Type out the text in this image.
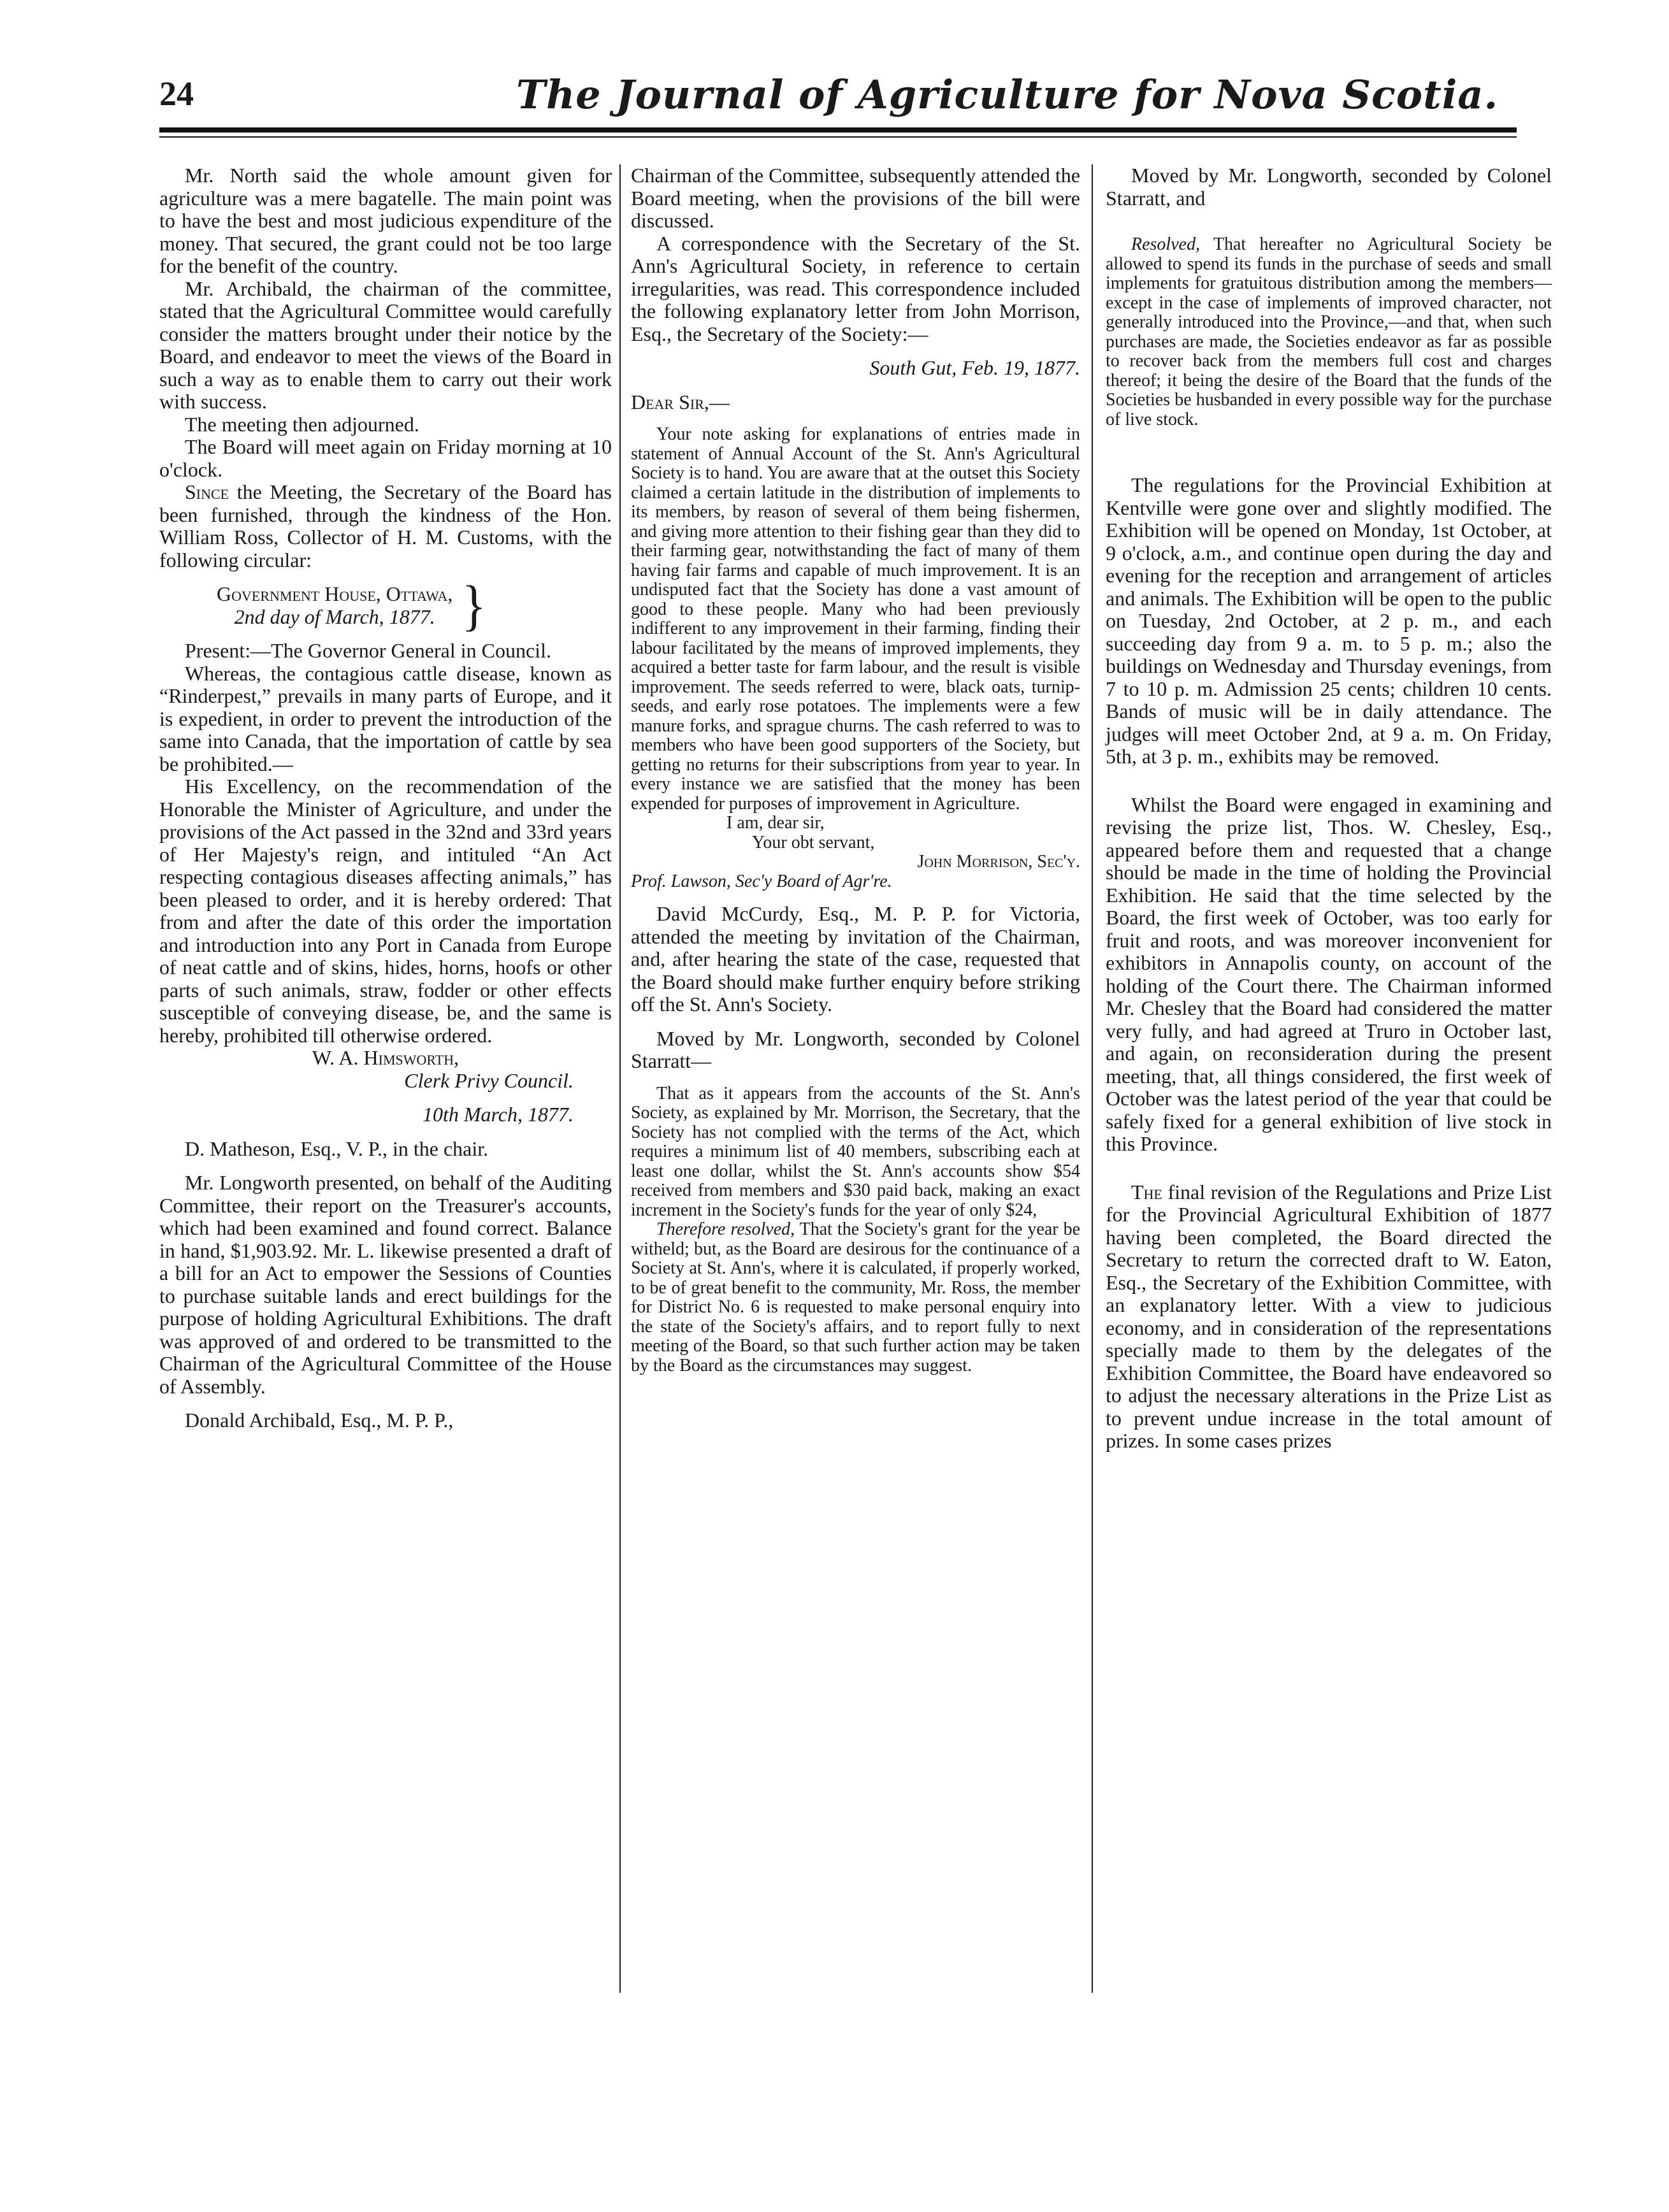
24	The Journal of Agriculture for Nova Scotia.

Mr. North said the whole amount given for agriculture was a mere bagatelle. The main point was to have the best and most judicious expenditure of the money. That secured, the grant could not be too large for the benefit of the country.

Mr. Archibald, the chairman of the committee, stated that the Agricultural Committee would carefully consider the matters brought under their notice by the Board, and endeavor to meet the views of the Board in such a way as to enable them to carry out their work with success.

The meeting then adjourned.

The Board will meet again on Friday morning at 10 o'clock.

Since the Meeting, the Secretary of the Board has been furnished, through the kindness of the Hon. William Ross, Collector of H. M. Customs, with the following circular:

Government House, Ottawa,
2nd day of March, 1877. }

Present:—The Governor General in Council.

Whereas, the contagious cattle disease, known as “Rinderpest,” prevails in many parts of Europe, and it is expedient, in order to prevent the introduction of the same into Canada, that the importation of cattle by sea be prohibited.—

His Excellency, on the recommendation of the Honorable the Minister of Agriculture, and under the provisions of the Act passed in the 32nd and 33rd years of Her Majesty's reign, and intituled “An Act respecting contagious diseases affecting animals,” has been pleased to order, and it is hereby ordered: That from and after the date of this order the importation and introduction into any Port in Canada from Europe of neat cattle and of skins, hides, horns, hoofs or other parts of such animals, straw, fodder or other effects susceptible of conveying disease, be, and the same is hereby, prohibited till otherwise ordered.

W. A. Himsworth,

Clerk Privy Council.

10th March, 1877.

D. Matheson, Esq., V. P., in the chair.

Mr. Longworth presented, on behalf of the Auditing Committee, their report on the Treasurer's accounts, which had been examined and found correct. Balance in hand, $1,903.92. Mr. L. likewise presented a draft of a bill for an Act to empower the Sessions of Counties to purchase suitable lands and erect buildings for the purpose of holding Agricultural Exhibitions. The draft was approved of and ordered to be transmitted to the Chairman of the Agricultural Committee of the House of Assembly.

Donald Archibald, Esq., M. P. P.,

Chairman of the Committee, subsequently attended the Board meeting, when the provisions of the bill were discussed.

A correspondence with the Secretary of the St. Ann's Agricultural Society, in reference to certain irregularities, was read. This correspondence included the following explanatory letter from John Morrison, Esq., the Secretary of the Society:—

South Gut, Feb. 19, 1877.

Dear Sir,—

Your note asking for explanations of entries made in statement of Annual Account of the St. Ann's Agricultural Society is to hand. You are aware that at the outset this Society claimed a certain latitude in the distribution of implements to its members, by reason of several of them being fishermen, and giving more attention to their fishing gear than they did to their farming gear, notwithstanding the fact of many of them having fair farms and capable of much improvement. It is an undisputed fact that the Society has done a vast amount of good to these people. Many who had been previously indifferent to any improvement in their farming, finding their labour facilitated by the means of improved implements, they acquired a better taste for farm labour, and the result is visible improvement. The seeds referred to were, black oats, turnip-seeds, and early rose potatoes. The implements were a few manure forks, and sprague churns. The cash referred to was to members who have been good supporters of the Society, but getting no returns for their subscriptions from year to year. In every instance we are satisfied that the money has been expended for purposes of improvement in Agriculture.

I am, dear sir,

Your obt servant,

John Morrison, Sec'y.

Prof. Lawson, Sec'y Board of Agr're.

David McCurdy, Esq., M. P. P. for Victoria, attended the meeting by invitation of the Chairman, and, after hearing the state of the case, requested that the Board should make further enquiry before striking off the St. Ann's Society.

Moved by Mr. Longworth, seconded by Colonel Starratt—

That as it appears from the accounts of the St. Ann's Society, as explained by Mr. Morrison, the Secretary, that the Society has not complied with the terms of the Act, which requires a minimum list of 40 members, subscribing each at least one dollar, whilst the St. Ann's accounts show $54 received from members and $30 paid back, making an exact increment in the Society's funds for the year of only $24,

Therefore resolved, That the Society's grant for the year be witheld; but, as the Board are desirous for the continuance of a Society at St. Ann's, where it is calculated, if properly worked, to be of great benefit to the community, Mr. Ross, the member for District No. 6 is requested to make personal enquiry into the state of the Society's affairs, and to report fully to next meeting of the Board, so that such further action may be taken by the Board as the circumstances may suggest.

Moved by Mr. Longworth, seconded by Colonel Starratt, and

Resolved, That hereafter no Agricultural Society be allowed to spend its funds in the purchase of seeds and small implements for gratuitous distribution among the members—except in the case of implements of improved character, not generally introduced into the Province,—and that, when such purchases are made, the Societies endeavor as far as possible to recover back from the members full cost and charges thereof; it being the desire of the Board that the funds of the Societies be husbanded in every possible way for the purchase of live stock.

The regulations for the Provincial Exhibition at Kentville were gone over and slightly modified. The Exhibition will be opened on Monday, 1st October, at 9 o'clock, a.m., and continue open during the day and evening for the reception and arrangement of articles and animals. The Exhibition will be open to the public on Tuesday, 2nd October, at 2 p. m., and each succeeding day from 9 a. m. to 5 p. m.; also the buildings on Wednesday and Thursday evenings, from 7 to 10 p. m. Admission 25 cents; children 10 cents. Bands of music will be in daily attendance. The judges will meet October 2nd, at 9 a. m. On Friday, 5th, at 3 p. m., exhibits may be removed.

Whilst the Board were engaged in examining and revising the prize list, Thos. W. Chesley, Esq., appeared before them and requested that a change should be made in the time of holding the Provincial Exhibition. He said that the time selected by the Board, the first week of October, was too early for fruit and roots, and was moreover inconvenient for exhibitors in Annapolis county, on account of the holding of the Court there. The Chairman informed Mr. Chesley that the Board had considered the matter very fully, and had agreed at Truro in October last, and again, on reconsideration during the present meeting, that, all things considered, the first week of October was the latest period of the year that could be safely fixed for a general exhibition of live stock in this Province.

The final revision of the Regulations and Prize List for the Provincial Agricultural Exhibition of 1877 having been completed, the Board directed the Secretary to return the corrected draft to W. Eaton, Esq., the Secretary of the Exhibition Committee, with an explanatory letter. With a view to judicious economy, and in consideration of the representations specially made to them by the delegates of the Exhibition Committee, the Board have endeavored so to adjust the necessary alterations in the Prize List as to prevent undue increase in the total amount of prizes. In some cases prizes
